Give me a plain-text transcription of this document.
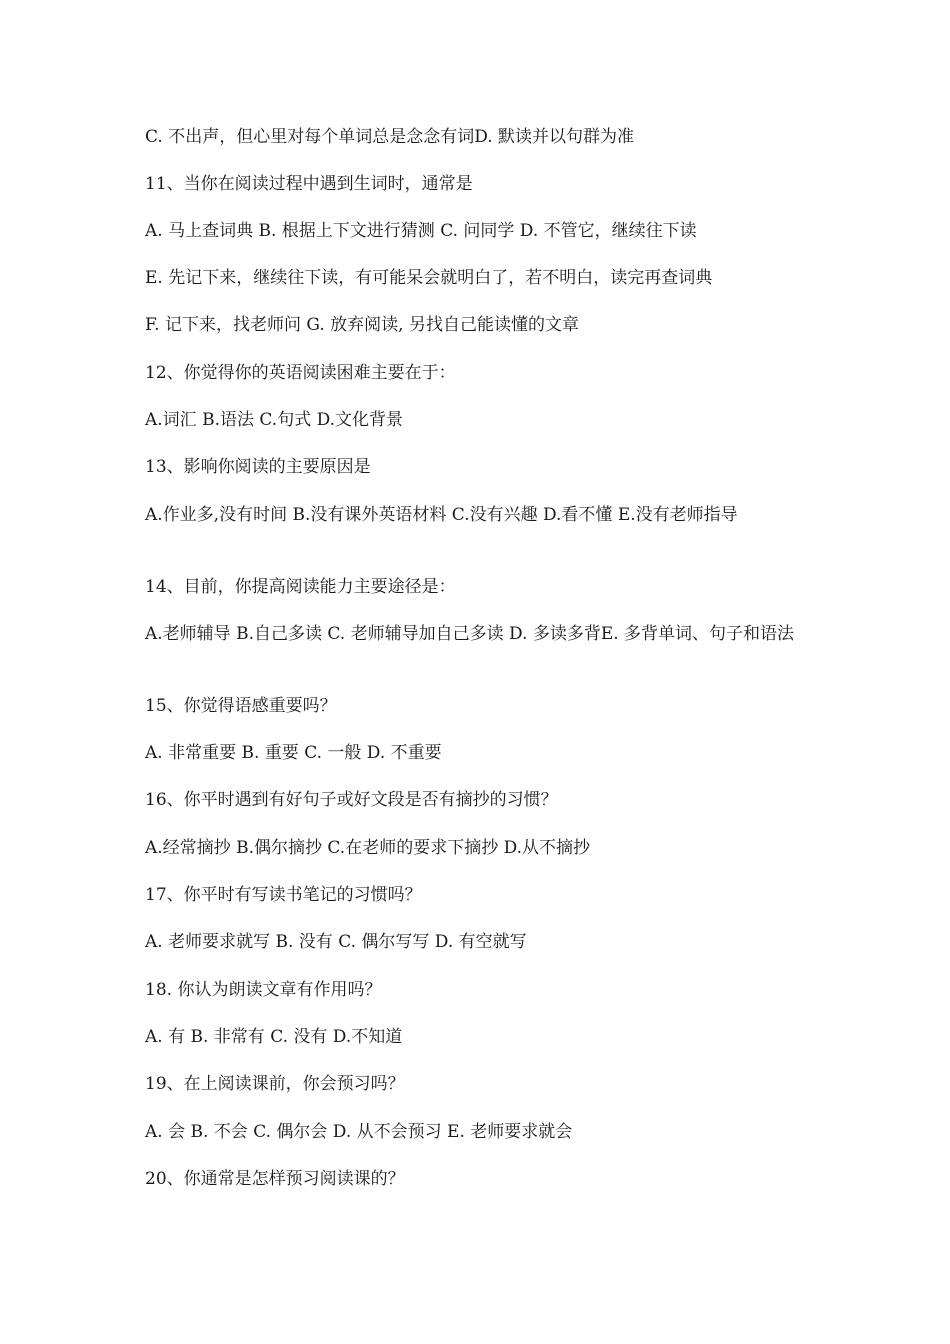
C. 不出声，但心里对每个单词总是念念有词D. 默读并以句群为准
11、当你在阅读过程中遇到生词时，通常是
A. 马上查词典 B. 根据上下文进行猜测 C. 问同学 D. 不管它，继续往下读
E. 先记下来，继续往下读，有可能呆会就明白了，若不明白，读完再查词典
F. 记下来，找老师问 G. 放弃阅读, 另找自己能读懂的文章
12、你觉得你的英语阅读困难主要在于：
A.词汇 B.语法 C.句式 D.文化背景
13、影响你阅读的主要原因是
A.作业多,没有时间 B.没有课外英语材料 C.没有兴趣 D.看不懂 E.没有老师指导
14、目前，你提高阅读能力主要途径是：
A.老师辅导 B.自己多读 C. 老师辅导加自己多读 D. 多读多背E. 多背单词、句子和语法
15、你觉得语感重要吗？
A. 非常重要 B. 重要 C. 一般 D. 不重要
16、你平时遇到有好句子或好文段是否有摘抄的习惯？
A.经常摘抄 B.偶尔摘抄 C.在老师的要求下摘抄 D.从不摘抄
17、你平时有写读书笔记的习惯吗？
A. 老师要求就写 B. 没有 C. 偶尔写写 D. 有空就写
18. 你认为朗读文章有作用吗？
A. 有 B. 非常有 C. 没有 D.不知道
19、在上阅读课前，你会预习吗？
A. 会 B. 不会 C. 偶尔会 D. 从不会预习 E. 老师要求就会
20、你通常是怎样预习阅读课的？
